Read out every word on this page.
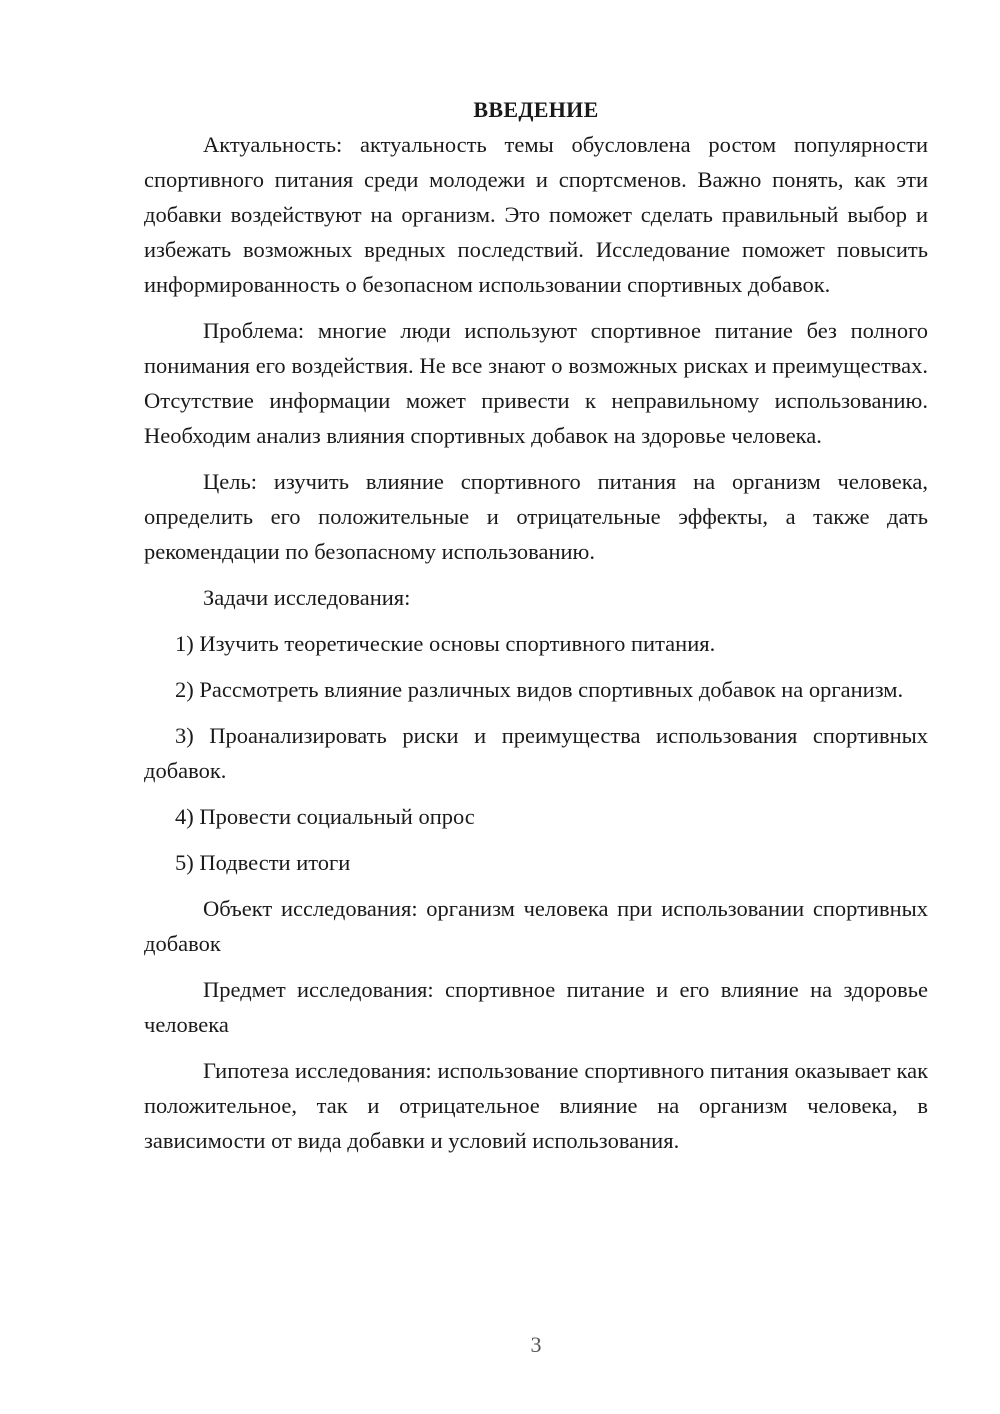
ВВЕДЕНИЕ

Актуальность: актуальность темы обусловлена ростом популярности спортивного питания среди молодежи и спортсменов. Важно понять, как эти добавки воздействуют на организм. Это поможет сделать правильный выбор и избежать возможных вредных последствий. Исследование поможет повысить информированность о безопасном использовании спортивных добавок.

Проблема: многие люди используют спортивное питание без полного понимания его воздействия. Не все знают о возможных рисках и преимуществах. Отсутствие информации может привести к неправильному использованию. Необходим анализ влияния спортивных добавок на здоровье человека.

Цель: изучить влияние спортивного питания на организм человека, определить его положительные и отрицательные эффекты, а также дать рекомендации по безопасному использованию.

Задачи исследования:

1) Изучить теоретические основы спортивного питания.

2) Рассмотреть влияние различных видов спортивных добавок на организм.

3) Проанализировать риски и преимущества использования спортивных добавок.

4) Провести социальный опрос

5) Подвести итоги

Объект исследования: организм человека при использовании спортивных добавок

Предмет исследования: спортивное питание и его влияние на здоровье человека

Гипотеза исследования: использование спортивного питания оказывает как положительное, так и отрицательное влияние на организм человека, в зависимости от вида добавки и условий использования.

3
